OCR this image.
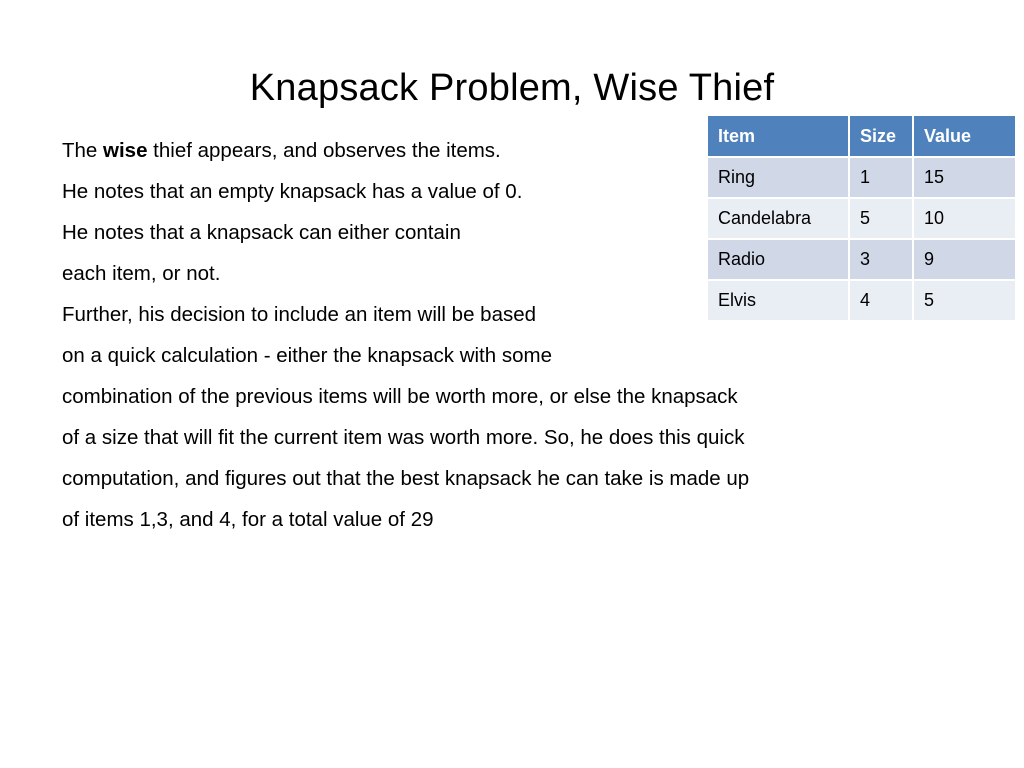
Knapsack Problem, Wise Thief
The wise thief appears, and observes the items.
He notes that an empty knapsack has a value of 0.
He notes that a knapsack can either contain
each item, or not.
Further, his decision to include an item will be based
on a quick calculation - either the knapsack with some
combination of the previous items will be worth more, or else the knapsack
of a size that will fit the current item was worth more. So, he does this quick
computation, and figures out that the best knapsack he can take is made up
of items 1,3, and 4, for a total value of 29
Item	Size	Value
Ring	1	15
Candelabra	5	10
Radio	3	9
Elvis	4	5
